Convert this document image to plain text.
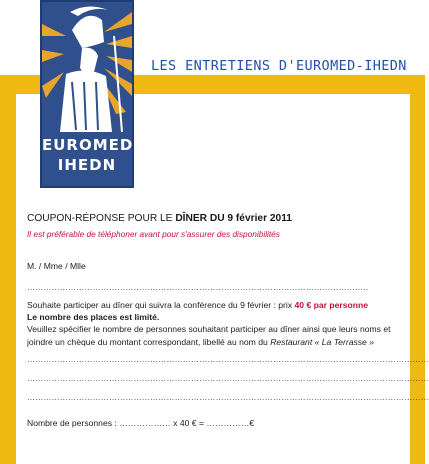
EUROMED
IHEDN
LES ENTRETIENS D'EUROMED-IHEDN
COUPON-RÉPONSE POUR LE DÎNER DU 9 février 2011
Il est préférable de téléphoner avant pour s'assurer des disponibilités
M. / Mme / Mlle
……………………………………………………………………………………………………………..
Souhaite participer au dîner qui suivra la conférence du 9 février : prix 40 € par personne
Le nombre des places est limité.
Veuillez spécifier le nombre de personnes souhaitant participer au dîner ainsi que leurs noms et joindre un chèque du montant correspondant, libellé au nom du Restaurant « La Terrasse »
…………………………………………………………………………………………………………………………………
…………………………………………………………………………………………………………………………………
…………………………………………………………………………………………………………………………………
Nombre de personnes : ……………… x 40 € = ……………€
